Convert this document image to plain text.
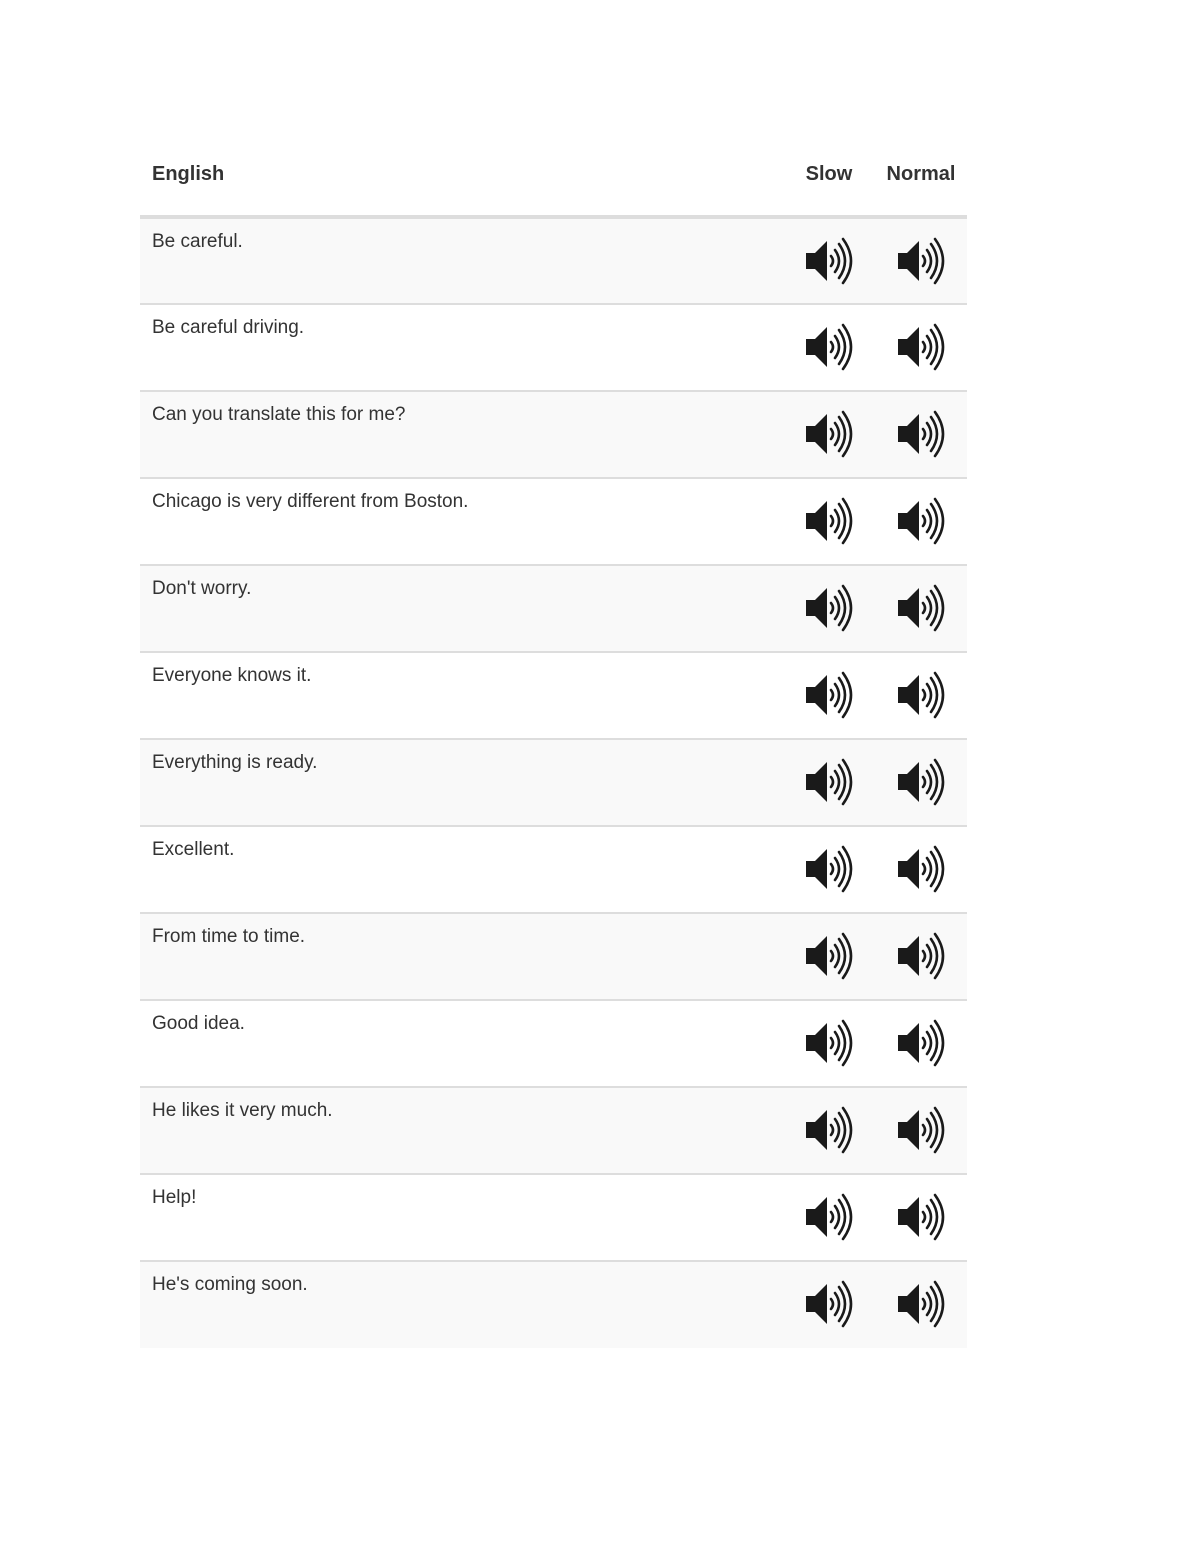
English	Slow	Normal
Be careful.	

Be careful driving.	

Can you translate this for me?	

Chicago is very different from Boston.	

Don't worry.	

Everyone knows it.	

Everything is ready.	

Excellent.	

From time to time.	

Good idea.	

He likes it very much.	

Help!	

He's coming soon.	
